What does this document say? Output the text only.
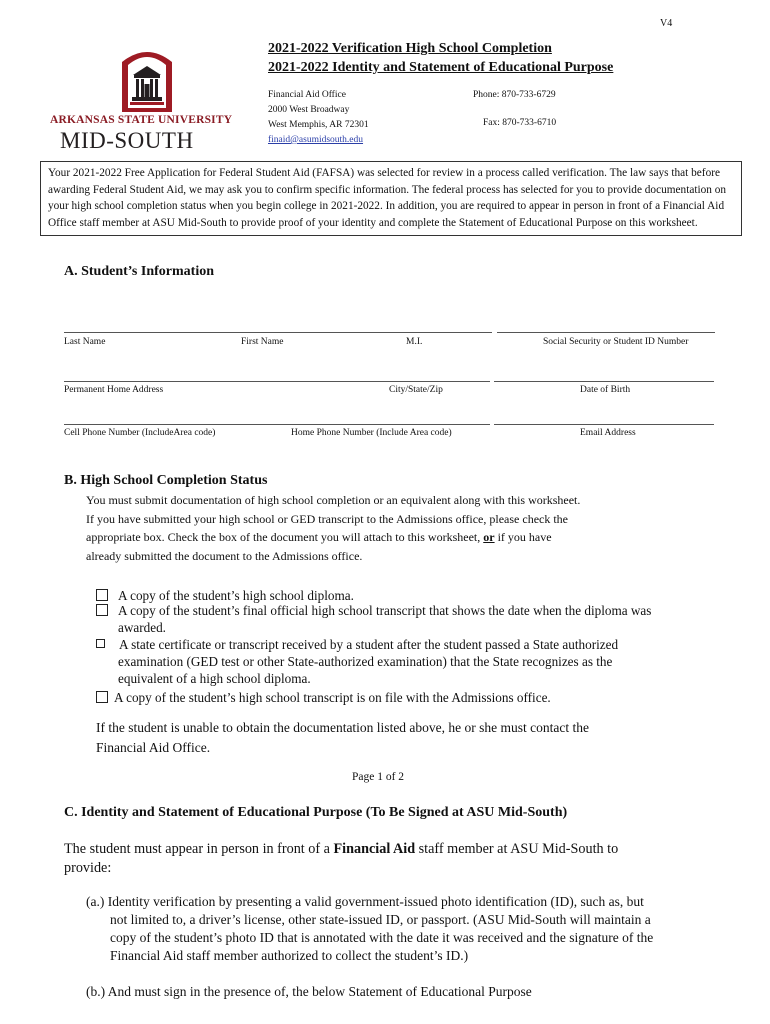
V4
ARKANSAS STATE UNIVERSITY
MID-SOUTH
2021-2022 Verification High School Completion
2021-2022 Identity and Statement of Educational Purpose
Financial Aid Office
2000 West Broadway
West Memphis, AR 72301
finaid@asumidsouth.edu
Phone: 870-733-6729
Fax: 870-733-6710
Your 2021-2022 Free Application for Federal Student Aid (FAFSA) was selected for review in a process called verification. The law says that before awarding Federal Student Aid, we may ask you to confirm specific information. The federal process has selected for you to provide documentation on your high school completion status when you begin college in 2021-2022. In addition, you are required to appear in person in front of a Financial Aid Office staff member at ASU Mid-South to provide proof of your identity and complete the Statement of Educational Purpose on this worksheet.
A. Student’s Information
Last Name	First Name	M.I.	Social Security or Student ID Number
Permanent Home Address	City/State/Zip	Date of Birth
Cell Phone Number (IncludeArea code)	Home Phone Number (Include Area code)	Email Address
B. High School Completion Status
You must submit documentation of high school completion or an equivalent along with this worksheet.
If you have submitted your high school or GED transcript to the Admissions office, please check the
appropriate box. Check the box of the document you will attach to this worksheet, or if you have
already submitted the document to the Admissions office.
A copy of the student’s high school diploma.
A copy of the student’s final official high school transcript that shows the date when the diploma was
awarded.
A state certificate or transcript received by a student after the student passed a State authorized
examination (GED test or other State-authorized examination) that the State recognizes as the
equivalent of a high school diploma.
A copy of the student’s high school transcript is on file with the Admissions office.
If the student is unable to obtain the documentation listed above, he or she must contact the
Financial Aid Office.
Page 1 of 2
C. Identity and Statement of Educational Purpose (To Be Signed at ASU Mid-South)
The student must appear in person in front of a Financial Aid staff member at ASU Mid-South to
provide:
(a.) Identity verification by presenting a valid government-issued photo identification (ID), such as, but
not limited to, a driver’s license, other state-issued ID, or passport. (ASU Mid-South will maintain a
copy of the student’s photo ID that is annotated with the date it was received and the signature of the
Financial Aid staff member authorized to collect the student’s ID.)
(b.) And must sign in the presence of, the below Statement of Educational Purpose
